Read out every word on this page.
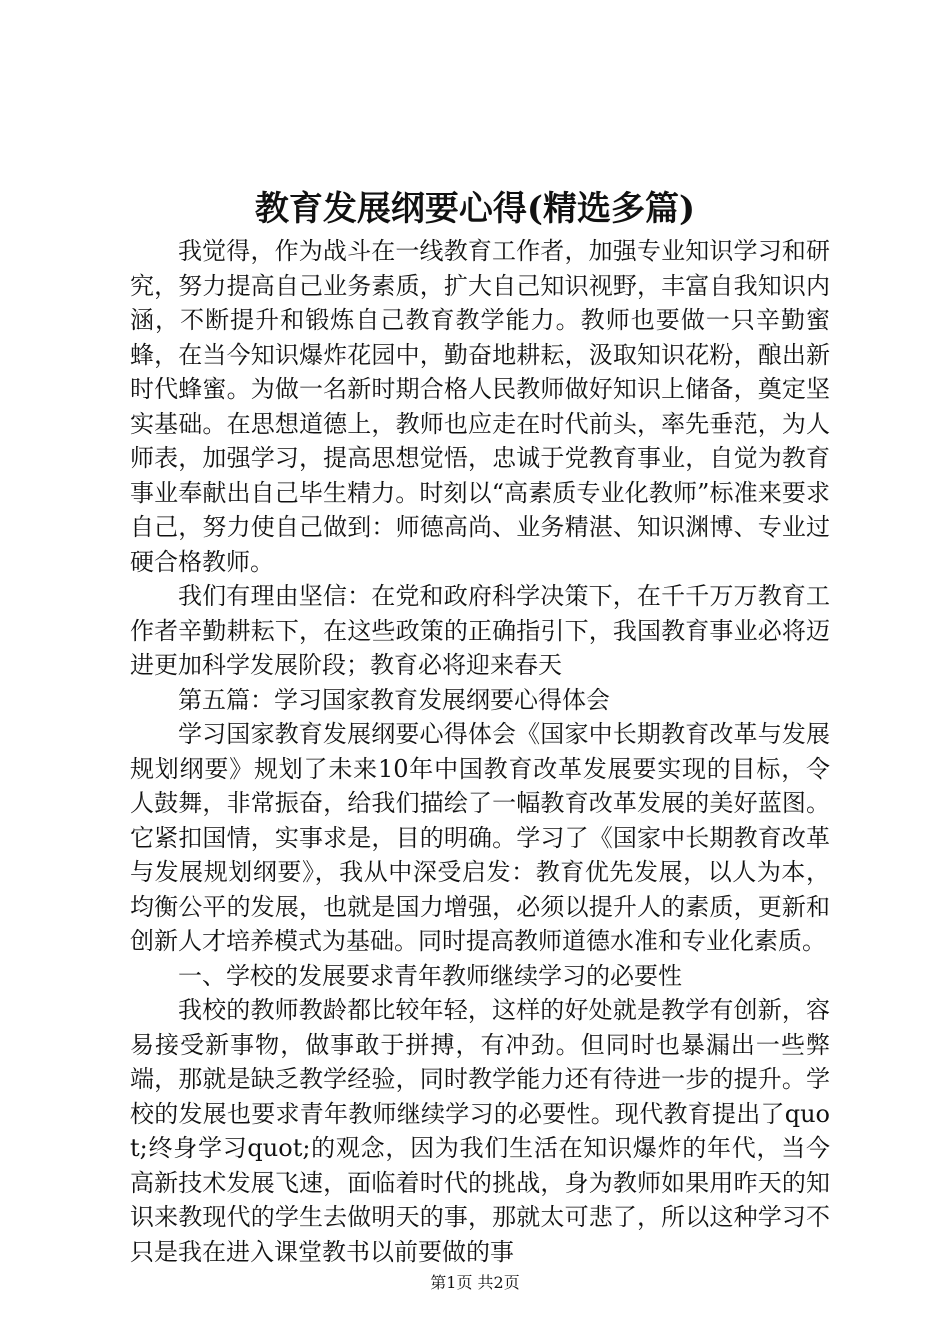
教育发展纲要心得(精选多篇)

我觉得，作为战斗在一线教育工作者，加强专业知识学习和研究，努力提高自己业务素质，扩大自己知识视野，丰富自我知识内涵，不断提升和锻炼自己教育教学能力。教师也要做一只辛勤蜜蜂，在当今知识爆炸花园中，勤奋地耕耘，汲取知识花粉，酿出新时代蜂蜜。为做一名新时期合格人民教师做好知识上储备，奠定坚实基础。在思想道德上，教师也应走在时代前头，率先垂范，为人师表，加强学习，提高思想觉悟，忠诚于党教育事业，自觉为教育事业奉献出自己毕生精力。时刻以“高素质专业化教师”标准来要求自己，努力使自己做到：师德高尚、业务精湛、知识渊博、专业过硬合格教师。

我们有理由坚信：在党和政府科学决策下，在千千万万教育工作者辛勤耕耘下，在这些政策的正确指引下，我国教育事业必将迈进更加科学发展阶段；教育必将迎来春天

第五篇：学习国家教育发展纲要心得体会

学习国家教育发展纲要心得体会《国家中长期教育改革与发展规划纲要》规划了未来10年中国教育改革发展要实现的目标，令人鼓舞，非常振奋，给我们描绘了一幅教育改革发展的美好蓝图。它紧扣国情，实事求是，目的明确。学习了《国家中长期教育改革与发展规划纲要》，我从中深受启发：教育优先发展，以人为本，均衡公平的发展，也就是国力增强，必须以提升人的素质，更新和创新人才培养模式为基础。同时提高教师道德水准和专业化素质。

一、学校的发展要求青年教师继续学习的必要性

我校的教师教龄都比较年轻，这样的好处就是教学有创新，容易接受新事物，做事敢于拼搏，有冲劲。但同时也暴漏出一些弊端，那就是缺乏教学经验，同时教学能力还有待进一步的提升。学校的发展也要求青年教师继续学习的必要性。现代教育提出了quot;终身学习quot;的观念，因为我们生活在知识爆炸的年代，当今高新技术发展飞速，面临着时代的挑战，身为教师如果用昨天的知识来教现代的学生去做明天的事，那就太可悲了，所以这种学习不只是我在进入课堂教书以前要做的事

第1页 共2页
